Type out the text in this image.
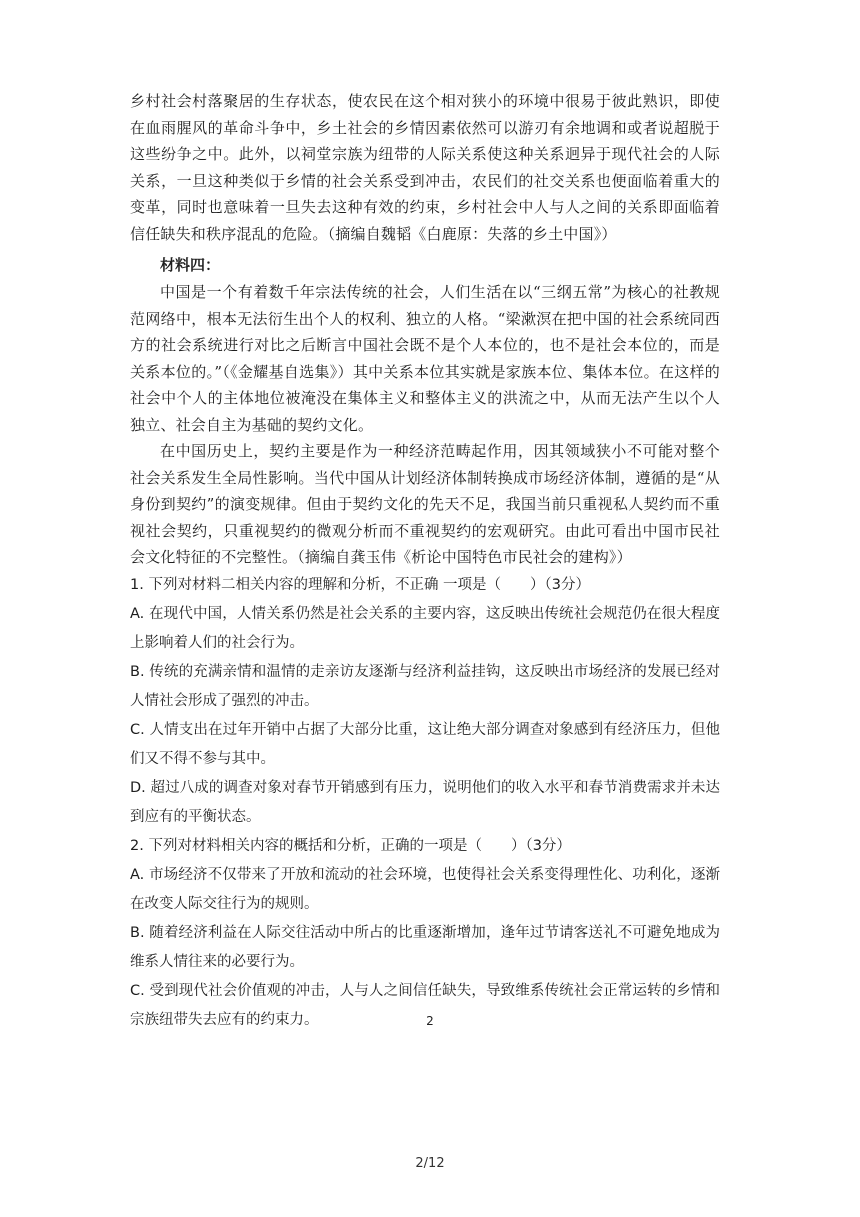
乡村社会村落聚居的生存状态，使农民在这个相对狭小的环境中很易于彼此熟识，即使在血雨腥风的革命斗争中，乡土社会的乡情因素依然可以游刃有余地调和或者说超脱于这些纷争之中。此外，以祠堂宗族为纽带的人际关系使这种关系迥异于现代社会的人际关系，一旦这种类似于乡情的社会关系受到冲击，农民们的社交关系也便面临着重大的变革，同时也意味着一旦失去这种有效的约束，乡村社会中人与人之间的关系即面临着信任缺失和秩序混乱的危险。（摘编自魏韬《白鹿原：失落的乡土中国》）

材料四：

中国是一个有着数千年宗法传统的社会，人们生活在以“三纲五常”为核心的社教规范网络中，根本无法衍生出个人的权利、独立的人格。“梁漱溟在把中国的社会系统同西方的社会系统进行对比之后断言中国社会既不是个人本位的，也不是社会本位的，而是关系本位的。”（《金耀基自选集》）其中关系本位其实就是家族本位、集体本位。在这样的社会中个人的主体地位被淹没在集体主义和整体主义的洪流之中，从而无法产生以个人独立、社会自主为基础的契约文化。

在中国历史上，契约主要是作为一种经济范畴起作用，因其领域狭小不可能对整个社会关系发生全局性影响。当代中国从计划经济体制转换成市场经济体制，遵循的是“从身份到契约”的演变规律。但由于契约文化的先天不足，我国当前只重视私人契约而不重视社会契约，只重视契约的微观分析而不重视契约的宏观研究。由此可看出中国市民社会文化特征的不完整性。（摘编自龚玉伟《析论中国特色市民社会的建构》）

1. 下列对材料二相关内容的理解和分析，不正确 一项是（　　）（3分）

A. 在现代中国，人情关系仍然是社会关系的主要内容，这反映出传统社会规范仍在很大程度上影响着人们的社会行为。

B. 传统的充满亲情和温情的走亲访友逐渐与经济利益挂钩，这反映出市场经济的发展已经对人情社会形成了强烈的冲击。

C. 人情支出在过年开销中占据了大部分比重，这让绝大部分调查对象感到有经济压力，但他们又不得不参与其中。

D. 超过八成的调查对象对春节开销感到有压力，说明他们的收入水平和春节消费需求并未达到应有的平衡状态。

2. 下列对材料相关内容的概括和分析，正确的一项是（　　）（3分）

A. 市场经济不仅带来了开放和流动的社会环境，也使得社会关系变得理性化、功利化，逐渐在改变人际交往行为的规则。

B. 随着经济利益在人际交往活动中所占的比重逐渐增加，逢年过节请客送礼不可避免地成为维系人情往来的必要行为。

C. 受到现代社会价值观的冲击，人与人之间信任缺失，导致维系传统社会正常运转的乡情和宗族纽带失去应有的约束力。	2
2/12
